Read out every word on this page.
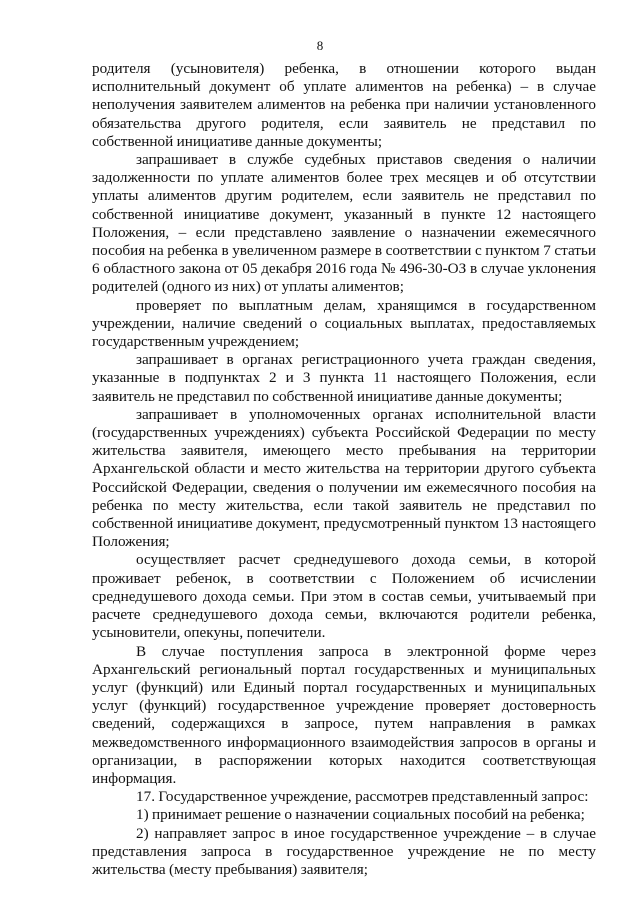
8

родителя (усыновителя) ребенка, в отношении которого выдан исполнительный документ об уплате алиментов на ребенка) – в случае неполучения заявителем алиментов на ребенка при наличии установленного обязательства другого родителя, если заявитель не представил по собственной инициативе данные документы;

запрашивает в службе судебных приставов сведения о наличии задолженности по уплате алиментов более трех месяцев и об отсутствии уплаты алиментов другим родителем, если заявитель не представил по собственной инициативе документ, указанный в пункте 12 настоящего Положения, – если представлено заявление о назначении ежемесячного пособия на ребенка в увеличенном размере в соответствии с пунктом 7 статьи 6 областного закона от 05 декабря 2016 года № 496-30-ОЗ в случае уклонения родителей (одного из них) от уплаты алиментов;

проверяет по выплатным делам, хранящимся в государственном учреждении, наличие сведений о социальных выплатах, предоставляемых государственным учреждением;

запрашивает в органах регистрационного учета граждан сведения, указанные в подпунктах 2 и 3 пункта 11 настоящего Положения, если заявитель не представил по собственной инициативе данные документы;

запрашивает в уполномоченных органах исполнительной власти (государственных учреждениях) субъекта Российской Федерации по месту жительства заявителя, имеющего место пребывания на территории Архангельской области и место жительства на территории другого субъекта Российской Федерации, сведения о получении им ежемесячного пособия на ребенка по месту жительства, если такой заявитель не представил по собственной инициативе документ, предусмотренный пунктом 13 настоящего Положения;

осуществляет расчет среднедушевого дохода семьи, в которой проживает ребенок, в соответствии с Положением об исчислении среднедушевого дохода семьи. При этом в состав семьи, учитываемый при расчете среднедушевого дохода семьи, включаются родители ребенка, усыновители, опекуны, попечители.

В случае поступления запроса в электронной форме через Архангельский региональный портал государственных и муниципальных услуг (функций) или Единый портал государственных и муниципальных услуг (функций) государственное учреждение проверяет достоверность сведений, содержащихся в запросе, путем направления в рамках межведомственного информационного взаимодействия запросов в органы и организации, в распоряжении которых находится соответствующая информация.

17. Государственное учреждение, рассмотрев представленный запрос:

1) принимает решение о назначении социальных пособий на ребенка;

2) направляет запрос в иное государственное учреждение – в случае представления запроса в государственное учреждение не по месту жительства (месту пребывания) заявителя;
